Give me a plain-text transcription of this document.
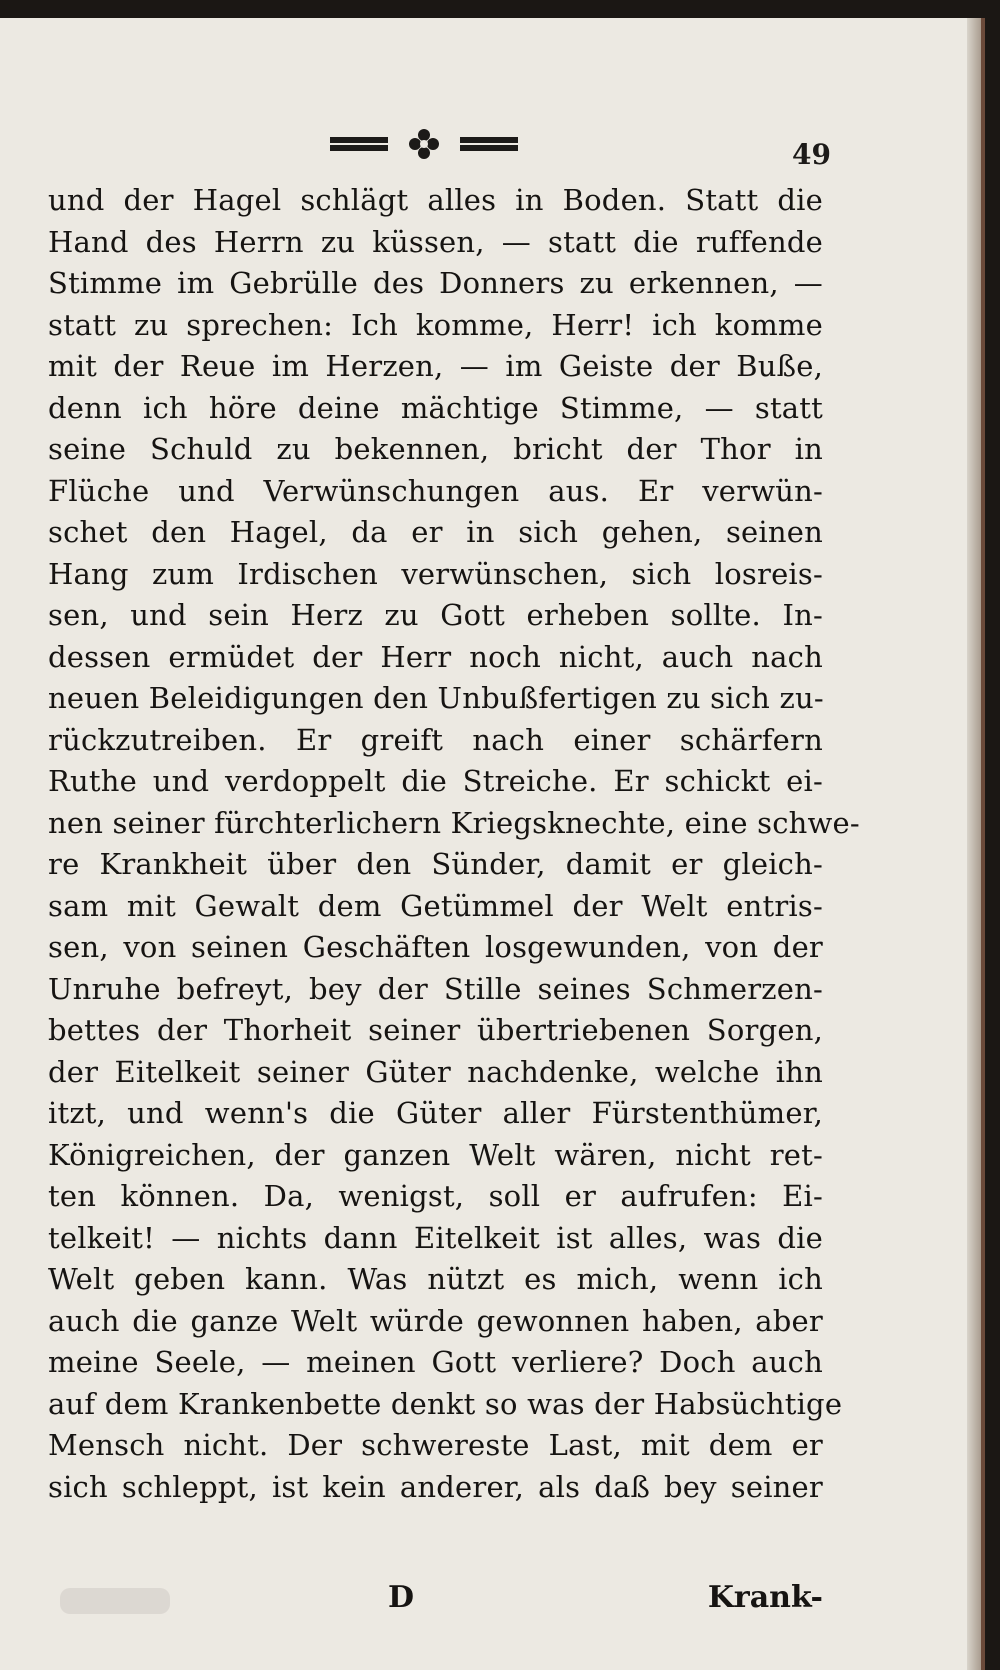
49
und der Hagel schlägt alles in Boden. Statt die
Hand des Herrn zu küssen, — statt die ruffende
Stimme im Gebrülle des Donners zu erkennen, —
statt zu sprechen: Ich komme, Herr! ich komme
mit der Reue im Herzen, — im Geiste der Buße,
denn ich höre deine mächtige Stimme, — statt
seine Schuld zu bekennen, bricht der Thor in
Flüche und Verwünschungen aus. Er verwün-
schet den Hagel, da er in sich gehen, seinen
Hang zum Irdischen verwünschen, sich losreis-
sen, und sein Herz zu Gott erheben sollte. In-
dessen ermüdet der Herr noch nicht, auch nach
neuen Beleidigungen den Unbußfertigen zu sich zu-
rückzutreiben. Er greift nach einer schärfern
Ruthe und verdoppelt die Streiche. Er schickt ei-
nen seiner fürchterlichern Kriegsknechte, eine schwe-
re Krankheit über den Sünder, damit er gleich-
sam mit Gewalt dem Getümmel der Welt entris-
sen, von seinen Geschäften losgewunden, von der
Unruhe befreyt, bey der Stille seines Schmerzen-
bettes der Thorheit seiner übertriebenen Sorgen,
der Eitelkeit seiner Güter nachdenke, welche ihn
itzt, und wenn's die Güter aller Fürstenthümer,
Königreichen, der ganzen Welt wären, nicht ret-
ten können. Da, wenigst, soll er aufrufen: Ei-
telkeit! — nichts dann Eitelkeit ist alles, was die
Welt geben kann. Was nützt es mich, wenn ich
auch die ganze Welt würde gewonnen haben, aber
meine Seele, — meinen Gott verliere? Doch auch
auf dem Krankenbette denkt so was der Habsüchtige
Mensch nicht. Der schwereste Last, mit dem er
sich schleppt, ist kein anderer, als daß bey seiner
D	Krank-
